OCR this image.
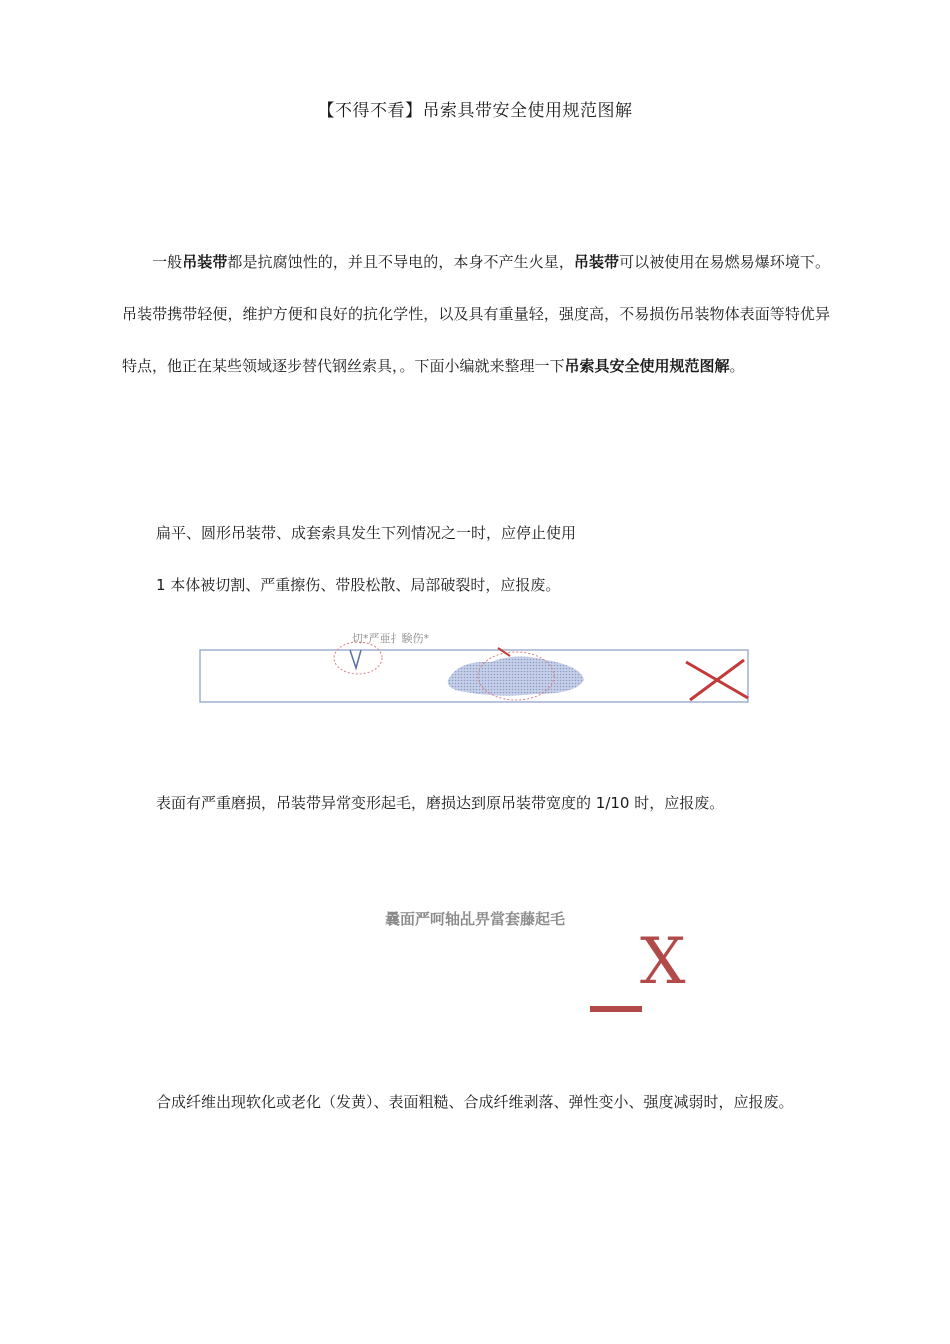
【不得不看】吊索具带安全使用规范图解
一般吊装带都是抗腐蚀性的，并且不导电的，本身不产生火星，吊装带可以被使用在易燃易爆环境下。吊装带携带轻便，维护方便和良好的抗化学性，以及具有重量轻，强度高，不易损伤吊装物体表面等特优异特点，他正在某些领域逐步替代钢丝索具，。下面小编就来整理一下吊索具安全使用规范图解。
扁平、圆形吊装带、成套索具发生下列情况之一时，应停止使用
1 本体被切割、严重擦伤、带股松散、局部破裂时，应报废。
切*严亜扌験伤*
表面有严重磨损，吊装带异常变形起毛，磨损达到原吊装带宽度的 1/10 时，应报废。
曩面严呵轴乩畀當套藤起毛
X
合成纤维出现软化或老化（发黄）、表面粗糙、合成纤维剥落、弹性变小、强度减弱时，应报废。
